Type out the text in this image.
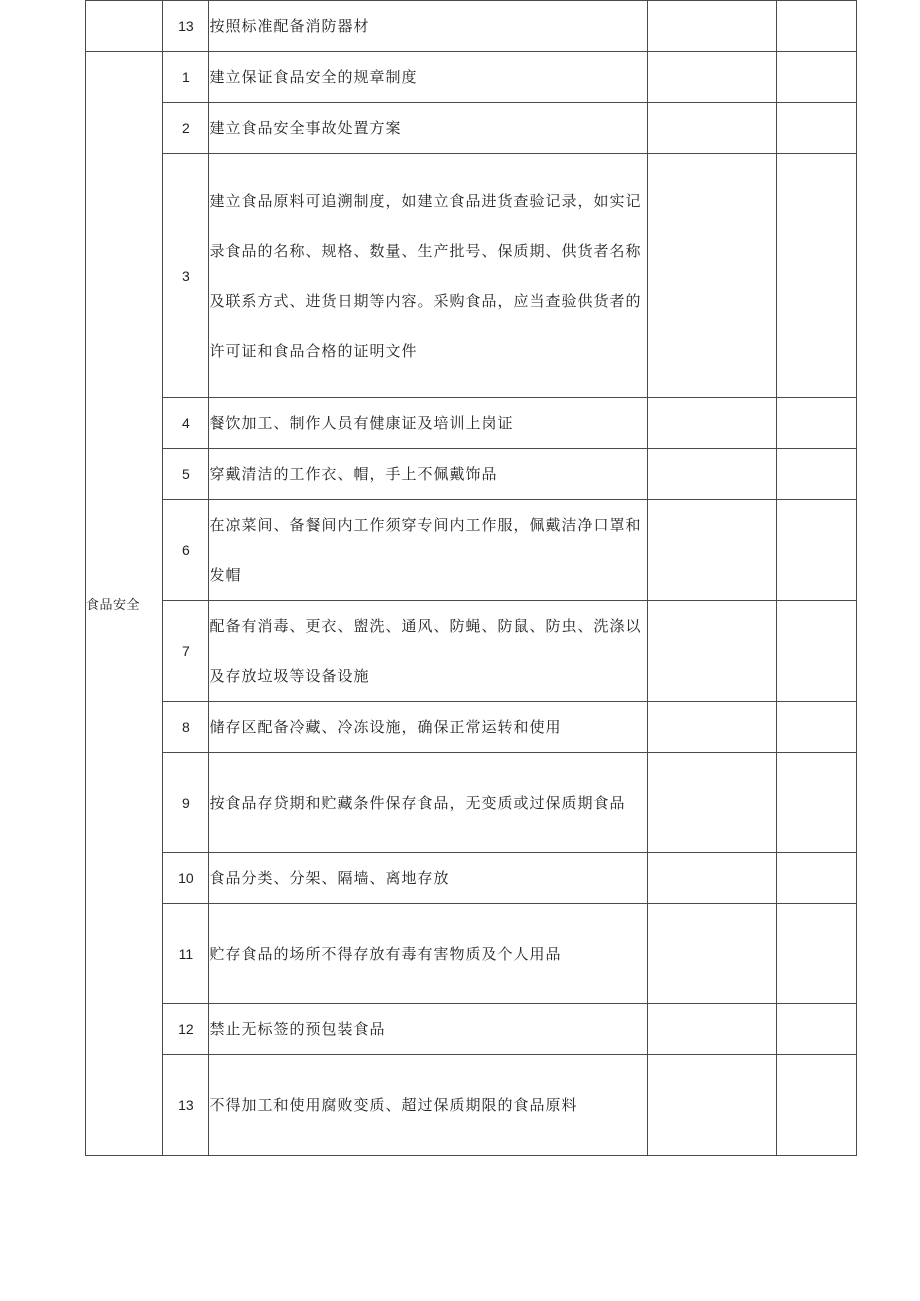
	13	按照标准配备消防器材		
食品安全	1	建立保证食品安全的规章制度		
	2	建立食品安全事故处置方案		
	3	建立食品原料可追溯制度，如建立食品进货查验记录，如实记录食品的名称、规格、数量、生产批号、保质期、供货者名称及联系方式、进货日期等内容。采购食品，应当查验供货者的许可证和食品合格的证明文件		
	4	餐饮加工、制作人员有健康证及培训上岗证		
	5	穿戴清洁的工作衣、帽，手上不佩戴饰品		
	6	在凉菜间、备餐间内工作须穿专间内工作服，佩戴洁净口罩和发帽		
	7	配备有消毒、更衣、盥洗、通风、防蝇、防鼠、防虫、洗涤以及存放垃圾等设备设施		
	8	储存区配备冷藏、冷冻设施，确保正常运转和使用		
	9	按食品存贷期和贮藏条件保存食品，无变质或过保质期食品		
	10	食品分类、分架、隔墙、离地存放		
	11	贮存食品的场所不得存放有毒有害物质及个人用品		
	12	禁止无标签的预包装食品		
	13	不得加工和使用腐败变质、超过保质期限的食品原料		
